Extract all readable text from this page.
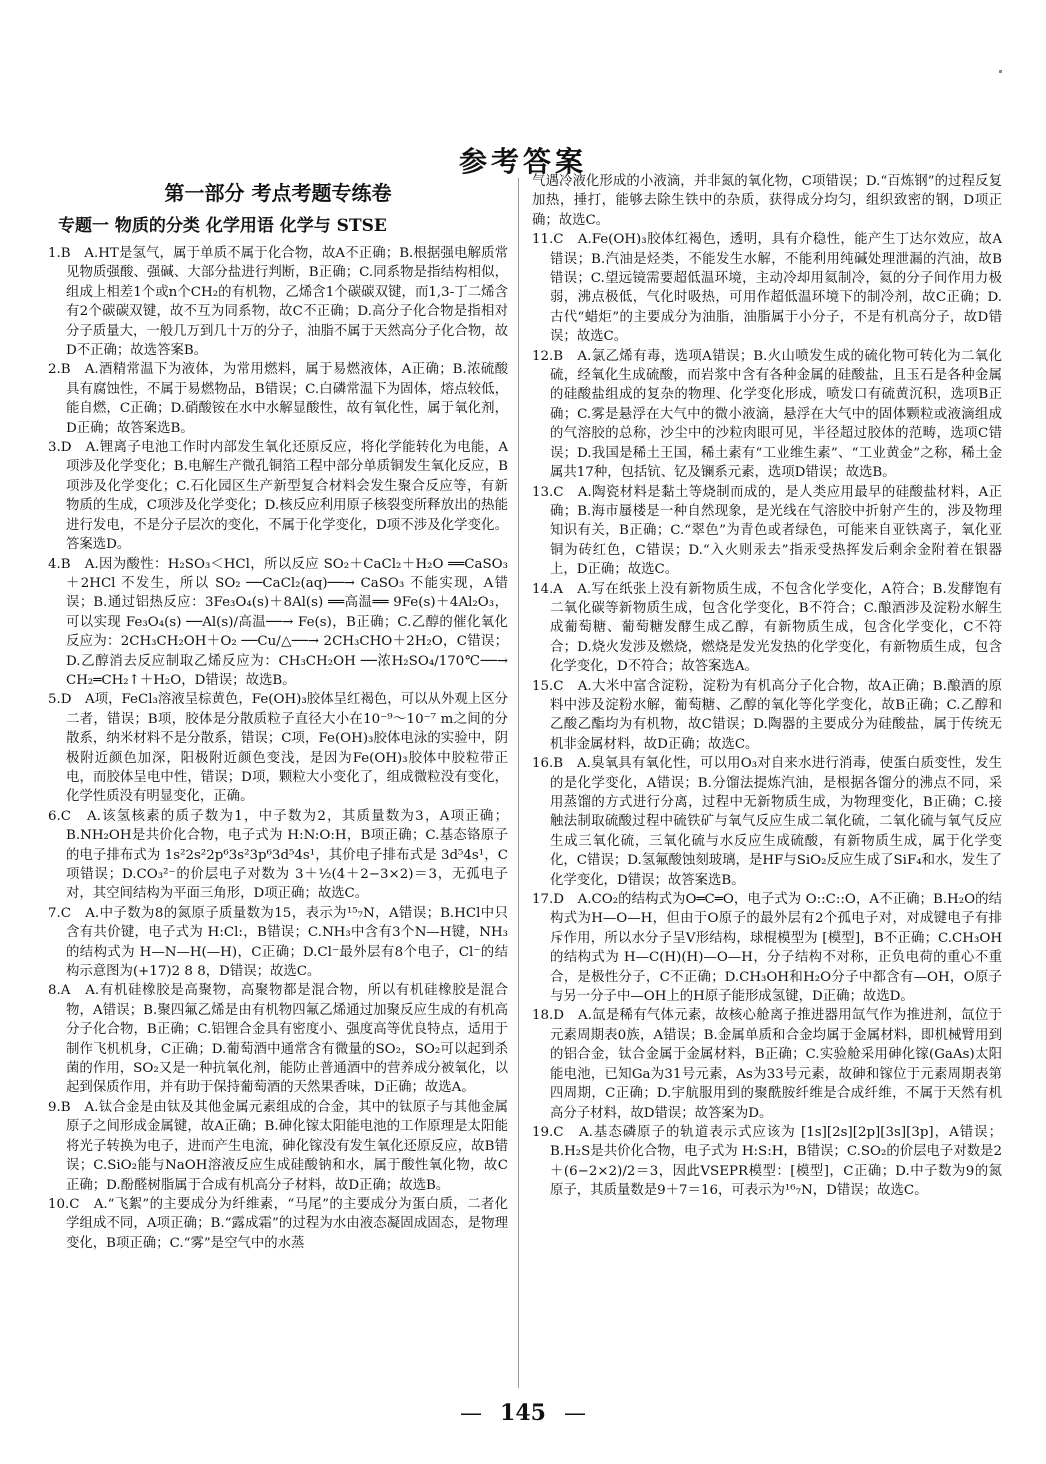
参考答案
第一部分 考点考题专练卷
专题一 物质的分类 化学用语 化学与 STSE

1.B　A.HT是氢气，属于单质不属于化合物，故A不正确；B.根据强电解质常见物质强酸、强碱、大部分盐进行判断，B正确；C.同系物是指结构相似，组成上相差1个或n个CH₂的有机物，乙烯含1个碳碳双键，而1,3-丁二烯含有2个碳碳双键，故不互为同系物，故C不正确；D.高分子化合物是指相对分子质量大，一般几万到几十万的分子，油脂不属于天然高分子化合物，故D不正确；故选答案B。

2.B　A.酒精常温下为液体，为常用燃料，属于易燃液体，A正确；B.浓硫酸具有腐蚀性，不属于易燃物品，B错误；C.白磷常温下为固体，熔点较低，能自燃，C正确；D.硝酸铵在水中水解显酸性，故有氧化性，属于氧化剂，D正确；故答案选B。

3.D　A.锂离子电池工作时内部发生氧化还原反应，将化学能转化为电能，A项涉及化学变化；B.电解生产微孔铜箔工程中部分单质铜发生氧化反应，B项涉及化学变化；C.石化园区生产新型复合材料会发生聚合反应等，有新物质的生成，C项涉及化学变化；D.核反应利用原子核裂变所释放出的热能进行发电，不是分子层次的变化，不属于化学变化，D项不涉及化学变化。答案选D。

4.B　A.因为酸性：H₂SO₃＜HCl，所以反应 SO₂＋CaCl₂＋H₂O ══CaSO₃＋2HCl 不发生，所以 SO₂ ──CaCl₂(aq)──→ CaSO₃ 不能实现，A错误；B.通过铝热反应：3Fe₃O₄(s)＋8Al(s) ══高温══ 9Fe(s)＋4Al₂O₃，可以实现 Fe₃O₄(s) ──Al(s)/高温──→ Fe(s)，B正确；C.乙醇的催化氧化反应为：2CH₃CH₂OH＋O₂ ──Cu/△──→ 2CH₃CHO＋2H₂O，C错误；D.乙醇消去反应制取乙烯反应为：CH₃CH₂OH ──浓H₂SO₄/170℃──→ CH₂═CH₂↑＋H₂O，D错误；故选B。

5.D　A项，FeCl₃溶液呈棕黄色，Fe(OH)₃胶体呈红褐色，可以从外观上区分二者，错误；B项，胶体是分散质粒子直径大小在10⁻⁹～10⁻⁷ m之间的分散系，纳米材料不是分散系，错误；C项，Fe(OH)₃胶体电泳的实验中，阴极附近颜色加深，阳极附近颜色变浅，是因为Fe(OH)₃胶体中胶粒带正电，而胶体呈电中性，错误；D项，颗粒大小变化了，组成微粒没有变化，化学性质没有明显变化，正确。

6.C　A.该氢核素的质子数为1，中子数为2，其质量数为3，A项正确；B.NH₂OH是共价化合物，电子式为 H:N:O:H，B项正确；C.基态铬原子的电子排布式为 1s²2s²2p⁶3s²3p⁶3d⁵4s¹，其价电子排布式是 3d⁵4s¹，C项错误；D.CO₃²⁻的价层电子对数为 3＋½(4＋2−3×2)＝3，无孤电子对，其空间结构为平面三角形，D项正确；故选C。

7.C　A.中子数为8的氮原子质量数为15，表示为¹⁵₇N，A错误；B.HCl中只含有共价键，电子式为 H:Cl:，B错误；C.NH₃中含有3个N—H键，NH₃的结构式为 H—N—H(—H)，C正确；D.Cl⁻最外层有8个电子，Cl⁻的结构示意图为(+17)2 8 8，D错误；故选C。

8.A　A.有机硅橡胶是高聚物，高聚物都是混合物，所以有机硅橡胶是混合物，A错误；B.聚四氟乙烯是由有机物四氟乙烯通过加聚反应生成的有机高分子化合物，B正确；C.铝锂合金具有密度小、强度高等优良特点，适用于制作飞机机身，C正确；D.葡萄酒中通常含有微量的SO₂，SO₂可以起到杀菌的作用，SO₂又是一种抗氧化剂，能防止普通酒中的营养成分被氧化，以起到保质作用，并有助于保持葡萄酒的天然果香味，D正确；故选A。

9.B　A.钛合金是由钛及其他金属元素组成的合金，其中的钛原子与其他金属原子之间形成金属键，故A正确；B.砷化镓太阳能电池的工作原理是太阳能将光子转换为电子，进而产生电流，砷化镓没有发生氧化还原反应，故B错误；C.SiO₂能与NaOH溶液反应生成硅酸钠和水，属于酸性氧化物，故C正确；D.酚醛树脂属于合成有机高分子材料，故D正确；故选B。

10.C　A.“飞絮”的主要成分为纤维素，“马尾”的主要成分为蛋白质，二者化学组成不同，A项正确；B.“露成霜”的过程为水由液态凝固成固态，是物理变化，B项正确；C.“雾”是空气中的水蒸

气遇冷液化形成的小液滴，并非氮的氧化物，C项错误；D.“百炼钢”的过程反复加热，捶打，能够去除生铁中的杂质，获得成分均匀，组织致密的钢，D项正确；故选C。

11.C　A.Fe(OH)₃胶体红褐色，透明，具有介稳性，能产生丁达尔效应，故A错误；B.汽油是烃类，不能发生水解，不能利用纯碱处理泄漏的汽油，故B错误；C.望远镜需要超低温环境，主动冷却用氦制冷，氦的分子间作用力极弱，沸点极低，气化时吸热，可用作超低温环境下的制冷剂，故C正确；D.古代“蜡炬”的主要成分为油脂，油脂属于小分子，不是有机高分子，故D错误；故选C。

12.B　A.氯乙烯有毒，选项A错误；B.火山喷发生成的硫化物可转化为二氧化硫，经氧化生成硫酸，而岩浆中含有各种金属的硅酸盐，且玉石是各种金属的硅酸盐组成的复杂的物理、化学变化形成，喷发口有硫黄沉积，选项B正确；C.雾是悬浮在大气中的微小液滴，悬浮在大气中的固体颗粒或液滴组成的气溶胶的总称，沙尘中的沙粒肉眼可见，半径超过胶体的范畴，选项C错误；D.我国是稀土王国，稀土素有“工业维生素”、“工业黄金”之称，稀土金属共17种，包括钪、钇及镧系元素，选项D错误；故选B。

13.C　A.陶瓷材料是黏土等烧制而成的，是人类应用最早的硅酸盐材料，A正确；B.海市蜃楼是一种自然现象，是光线在气溶胶中折射产生的，涉及物理知识有关，B正确；C.“翠色”为青色或者绿色，可能来自亚铁离子，氧化亚铜为砖红色，C错误；D.“入火则汞去”指汞受热挥发后剩余金附着在银器上，D正确；故选C。

14.A　A.写在纸张上没有新物质生成，不包含化学变化，A符合；B.发酵饱有二氧化碳等新物质生成，包含化学变化，B不符合；C.酿酒涉及淀粉水解生成葡萄糖、葡萄糖发酵生成乙醇，有新物质生成，包含化学变化，C不符合；D.烧火发涉及燃烧，燃烧是发光发热的化学变化，有新物质生成，包含化学变化，D不符合；故答案选A。

15.C　A.大米中富含淀粉，淀粉为有机高分子化合物，故A正确；B.酿酒的原料中涉及淀粉水解，葡萄糖、乙醇的氧化等化学变化，故B正确；C.乙醇和乙酸乙酯均为有机物，故C错误；D.陶器的主要成分为硅酸盐，属于传统无机非金属材料，故D正确；故选C。

16.B　A.臭氧具有氧化性，可以用O₃对自来水进行消毒，使蛋白质变性，发生的是化学变化，A错误；B.分馏法提炼汽油，是根据各馏分的沸点不同，采用蒸馏的方式进行分离，过程中无新物质生成，为物理变化，B正确；C.接触法制取硫酸过程中硫铁矿与氧气反应生成二氧化硫，二氧化硫与氧气反应生成三氧化硫，三氧化硫与水反应生成硫酸，有新物质生成，属于化学变化，C错误；D.氢氟酸蚀刻玻璃，是HF与SiO₂反应生成了SiF₄和水，发生了化学变化，D错误；故答案选B。

17.D　A.CO₂的结构式为O═C═O，电子式为 O::C::O，A不正确；B.H₂O的结构式为H—O—H，但由于O原子的最外层有2个孤电子对，对成键电子有排斥作用，所以水分子呈V形结构，球棍模型为 [模型]，B不正确；C.CH₃OH的结构式为 H—C(H)(H)—O—H，分子结构不对称，正负电荷的重心不重合，是极性分子，C不正确；D.CH₃OH和H₂O分子中都含有—OH，O原子与另一分子中—OH上的H原子能形成氢键，D正确；故选D。

18.D　A.氙是稀有气体元素，故核心舱离子推进器用氙气作为推进剂，氙位于元素周期表0族，A错误；B.金属单质和合金均属于金属材料，即机械臂用到的铝合金，钛合金属于金属材料，B正确；C.实验舱采用砷化镓(GaAs)太阳能电池，已知Ga为31号元素，As为33号元素，故砷和镓位于元素周期表第四周期，C正确；D.宇航服用到的聚酰胺纤维是合成纤维，不属于天然有机高分子材料，故D错误；故答案为D。

19.C　A.基态磷原子的轨道表示式应该为 [1s][2s][2p][3s][3p]，A错误；B.H₂S是共价化合物，电子式为 H:S:H，B错误；C.SO₂的价层电子对数是2＋(6−2×2)/2＝3，因此VSEPR模型：[模型]，C正确；D.中子数为9的氮原子，其质量数是9＋7＝16，可表示为¹⁶₇N，D错误；故选C。

— 145 —
